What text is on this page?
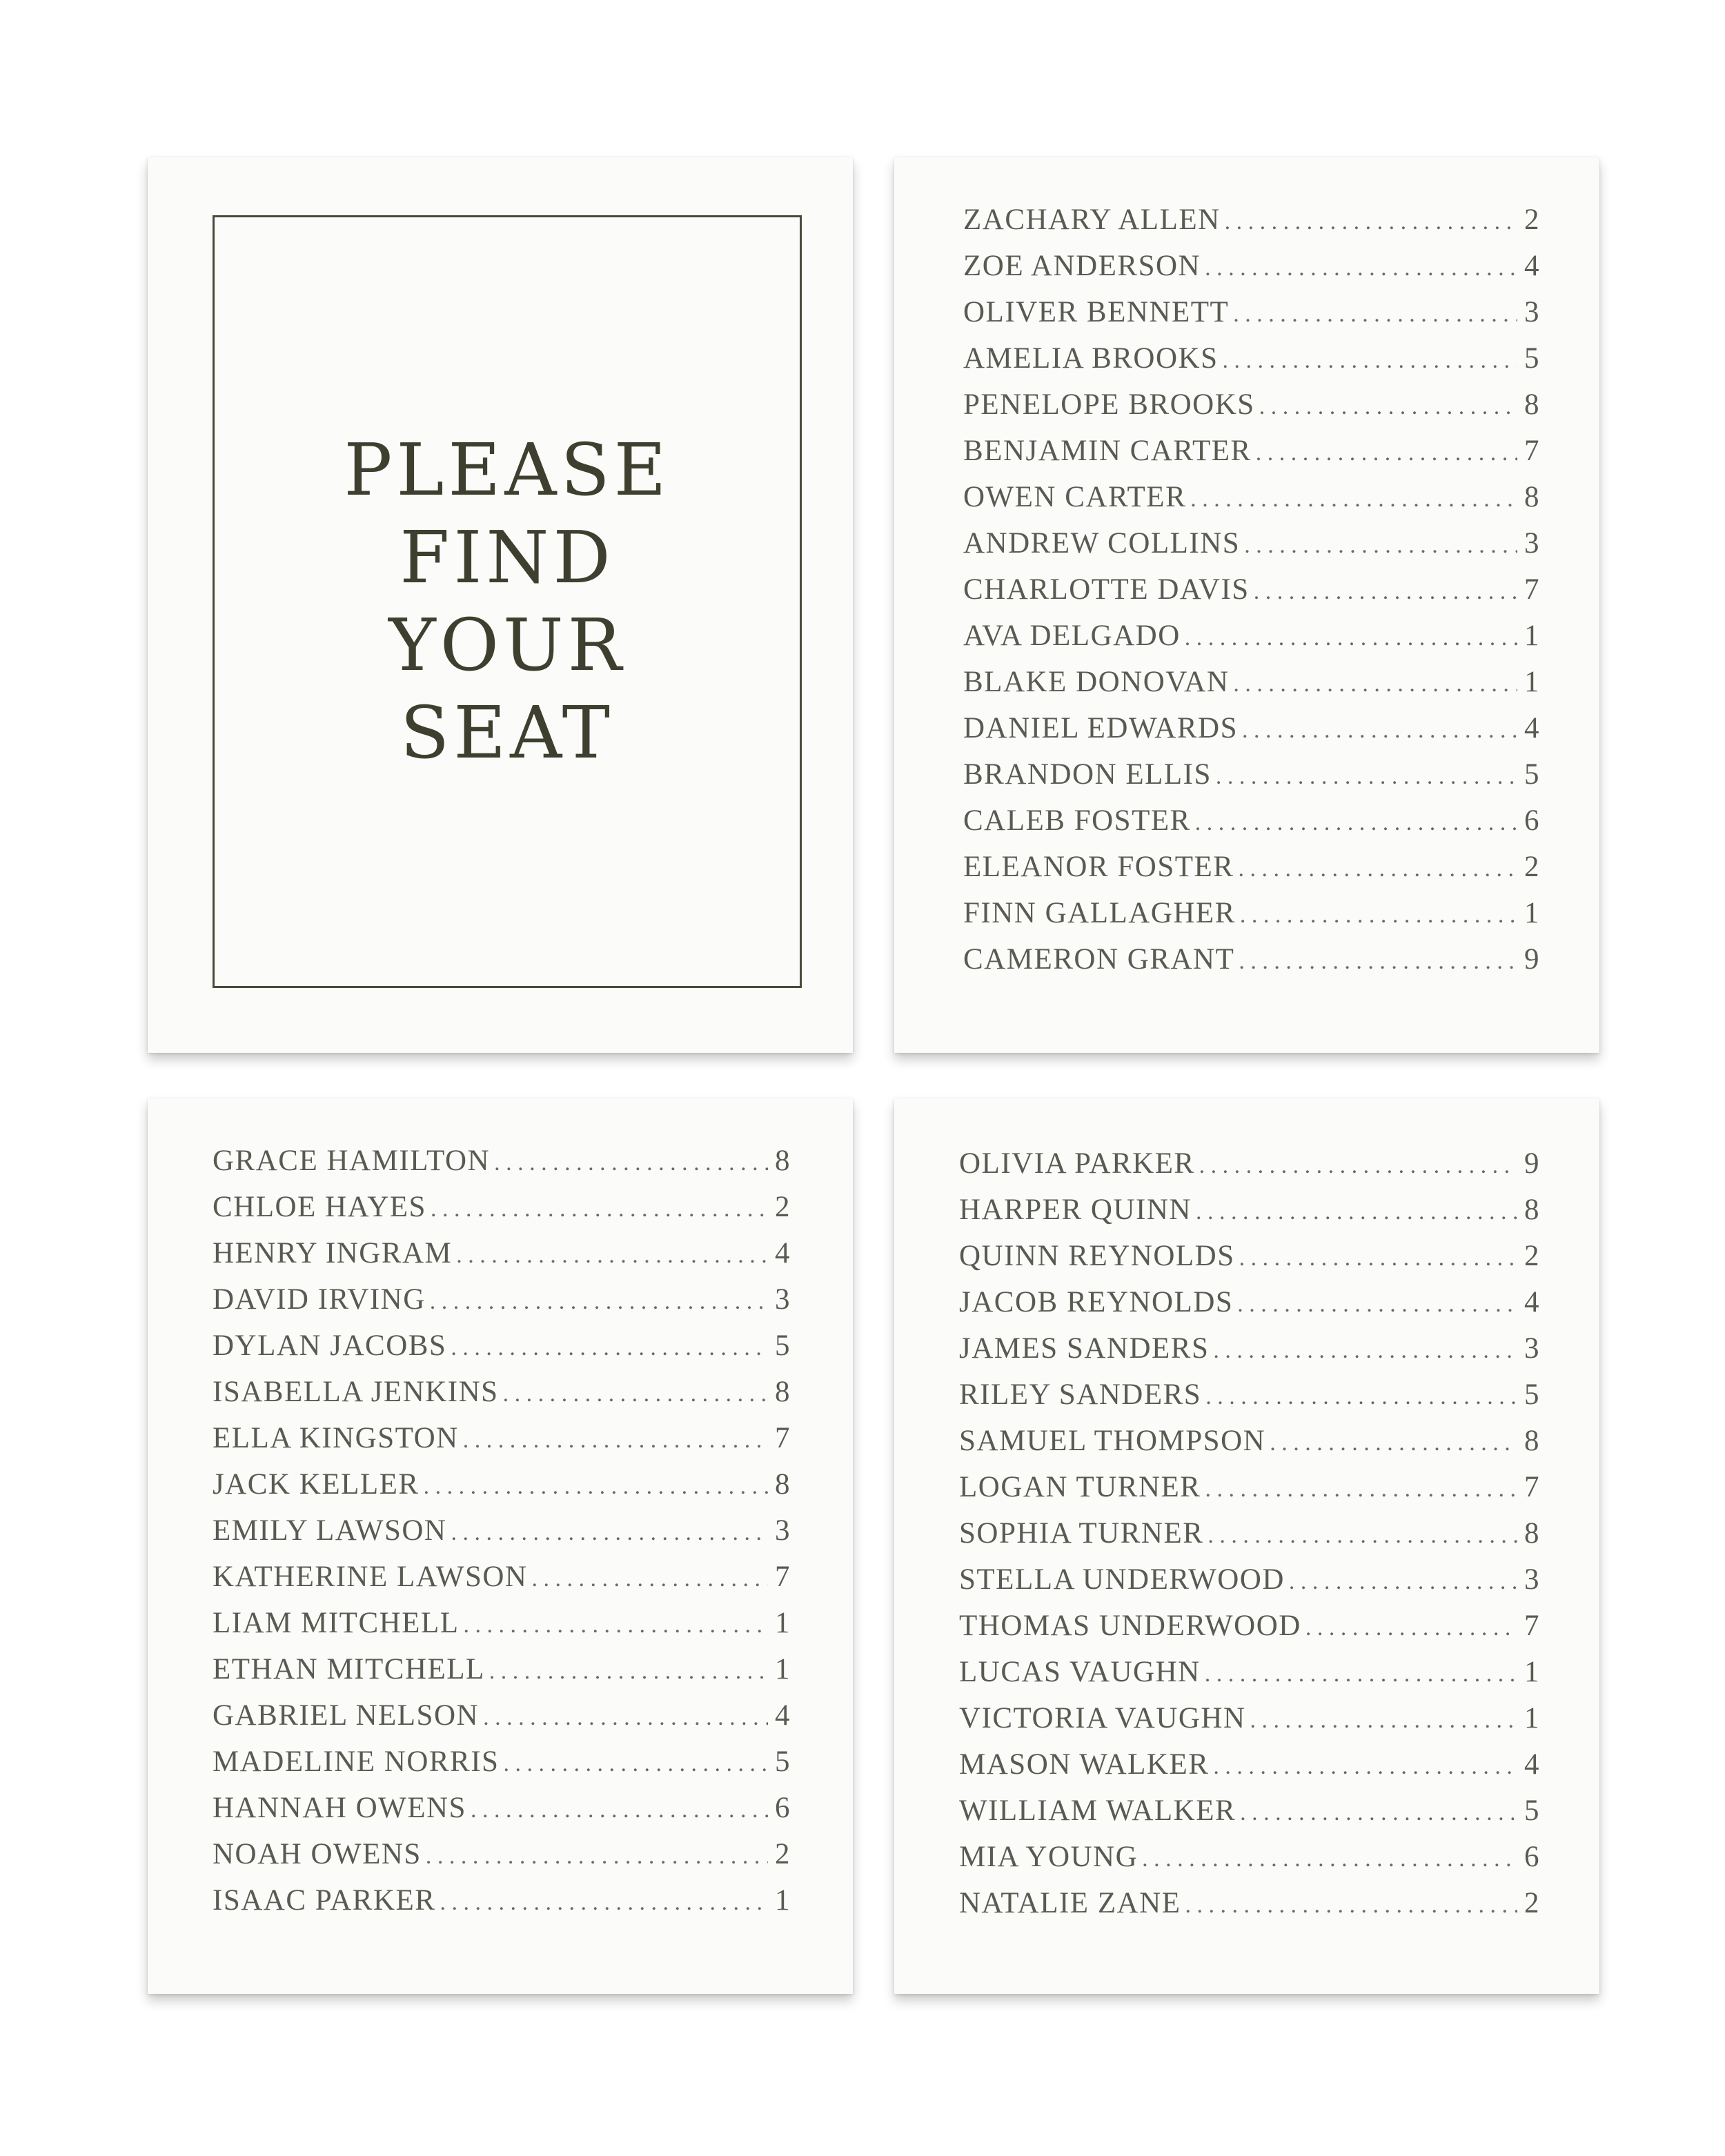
PLEASE
FIND
YOUR
SEAT
ZACHARY ALLEN . . .	2
ZOE ANDERSON . . .	4
OLIVER BENNETT . . .	3
AMELIA BROOKS . . .	5
PENELOPE BROOKS . . .	8
BENJAMIN CARTER . . .	7
OWEN CARTER . . .	8
ANDREW COLLINS . . .	3
CHARLOTTE DAVIS . . .	7
AVA DELGADO . . .	1
BLAKE DONOVAN . . .	1
DANIEL EDWARDS . . .	4
BRANDON ELLIS . . .	5
CALEB FOSTER . . .	6
ELEANOR FOSTER . . .	2
FINN GALLAGHER . . .	1
CAMERON GRANT . . .	9
GRACE HAMILTON . . .	8
CHLOE HAYES . . .	2
HENRY INGRAM . . .	4
DAVID IRVING . . .	3
DYLAN JACOBS . . .	5
ISABELLA JENKINS . . .	8
ELLA KINGSTON . . .	7
JACK KELLER . . .	8
EMILY LAWSON . . .	3
KATHERINE LAWSON . . .	7
LIAM MITCHELL . . .	1
ETHAN MITCHELL . . .	1
GABRIEL NELSON . . .	4
MADELINE NORRIS . . .	5
HANNAH OWENS . . .	6
NOAH OWENS . . .	2
ISAAC PARKER . . .	1
OLIVIA PARKER . . .	9
HARPER QUINN . . .	8
QUINN REYNOLDS . . .	2
JACOB REYNOLDS . . .	4
JAMES SANDERS . . .	3
RILEY SANDERS . . .	5
SAMUEL THOMPSON . . .	8
LOGAN TURNER . . .	7
SOPHIA TURNER . . .	8
STELLA UNDERWOOD . . .	3
THOMAS UNDERWOOD . . .	7
LUCAS VAUGHN . . .	1
VICTORIA VAUGHN . . .	1
MASON WALKER . . .	4
WILLIAM WALKER . . .	5
MIA YOUNG . . .	6
NATALIE ZANE . . .	2
